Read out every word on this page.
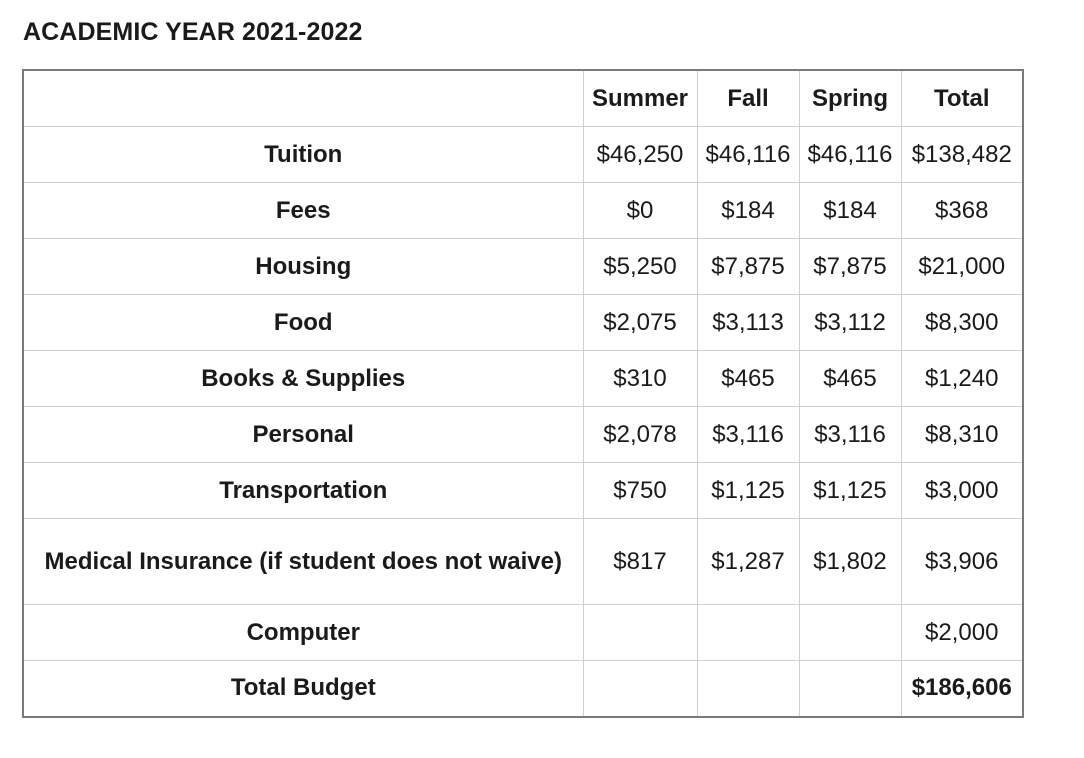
ACADEMIC YEAR 2021-2022
	Summer	Fall	Spring	Total
Tuition	$46,250	$46,116	$46,116	$138,482
Fees	$0	$184	$184	$368
Housing	$5,250	$7,875	$7,875	$21,000
Food	$2,075	$3,113	$3,112	$8,300
Books & Supplies	$310	$465	$465	$1,240
Personal	$2,078	$3,116	$3,116	$8,310
Transportation	$750	$1,125	$1,125	$3,000
Medical Insurance (if student does not waive)	$817	$1,287	$1,802	$3,906
Computer				$2,000
Total Budget				$186,606
